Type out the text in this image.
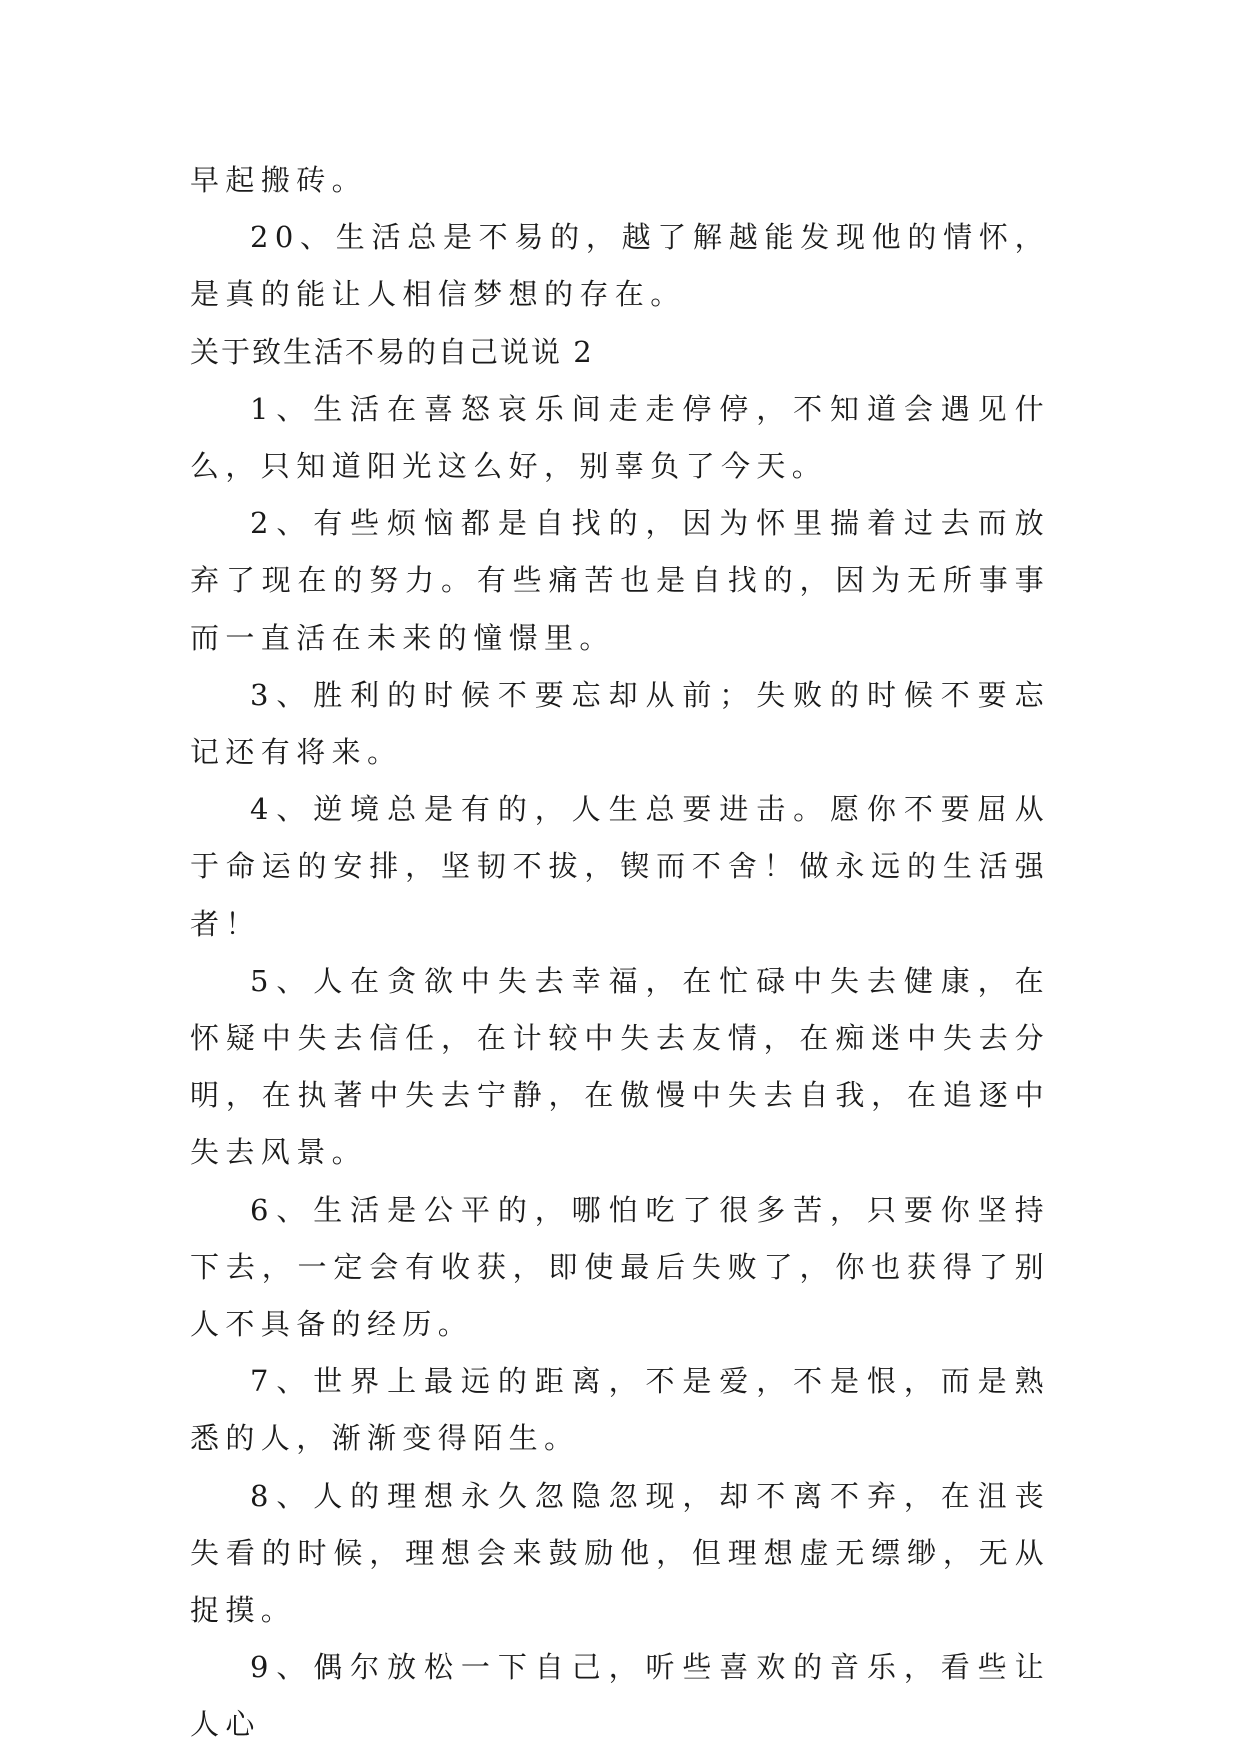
早起搬砖。

20、生活总是不易的，越了解越能发现他的情怀，是真的能让人相信梦想的存在。

关于致生活不易的自己说说 2

1、生活在喜怒哀乐间走走停停，不知道会遇见什么，只知道阳光这么好，别辜负了今天。

2、有些烦恼都是自找的，因为怀里揣着过去而放弃了现在的努力。有些痛苦也是自找的，因为无所事事而一直活在未来的憧憬里。

3、胜利的时候不要忘却从前；失败的时候不要忘记还有将来。

4、逆境总是有的，人生总要进击。愿你不要屈从于命运的安排，坚韧不拔，锲而不舍！做永远的生活强者！

5、人在贪欲中失去幸福，在忙碌中失去健康，在怀疑中失去信任，在计较中失去友情，在痴迷中失去分明，在执著中失去宁静，在傲慢中失去自我，在追逐中失去风景。

6、生活是公平的，哪怕吃了很多苦，只要你坚持下去，一定会有收获，即使最后失败了，你也获得了别人不具备的经历。

7、世界上最远的距离，不是爱，不是恨，而是熟悉的人，渐渐变得陌生。

8、人的理想永久忽隐忽现，却不离不弃，在沮丧失看的时候，理想会来鼓励他，但理想虚无缥缈，无从捉摸。

9、偶尔放松一下自己，听些喜欢的音乐，看些让人心
